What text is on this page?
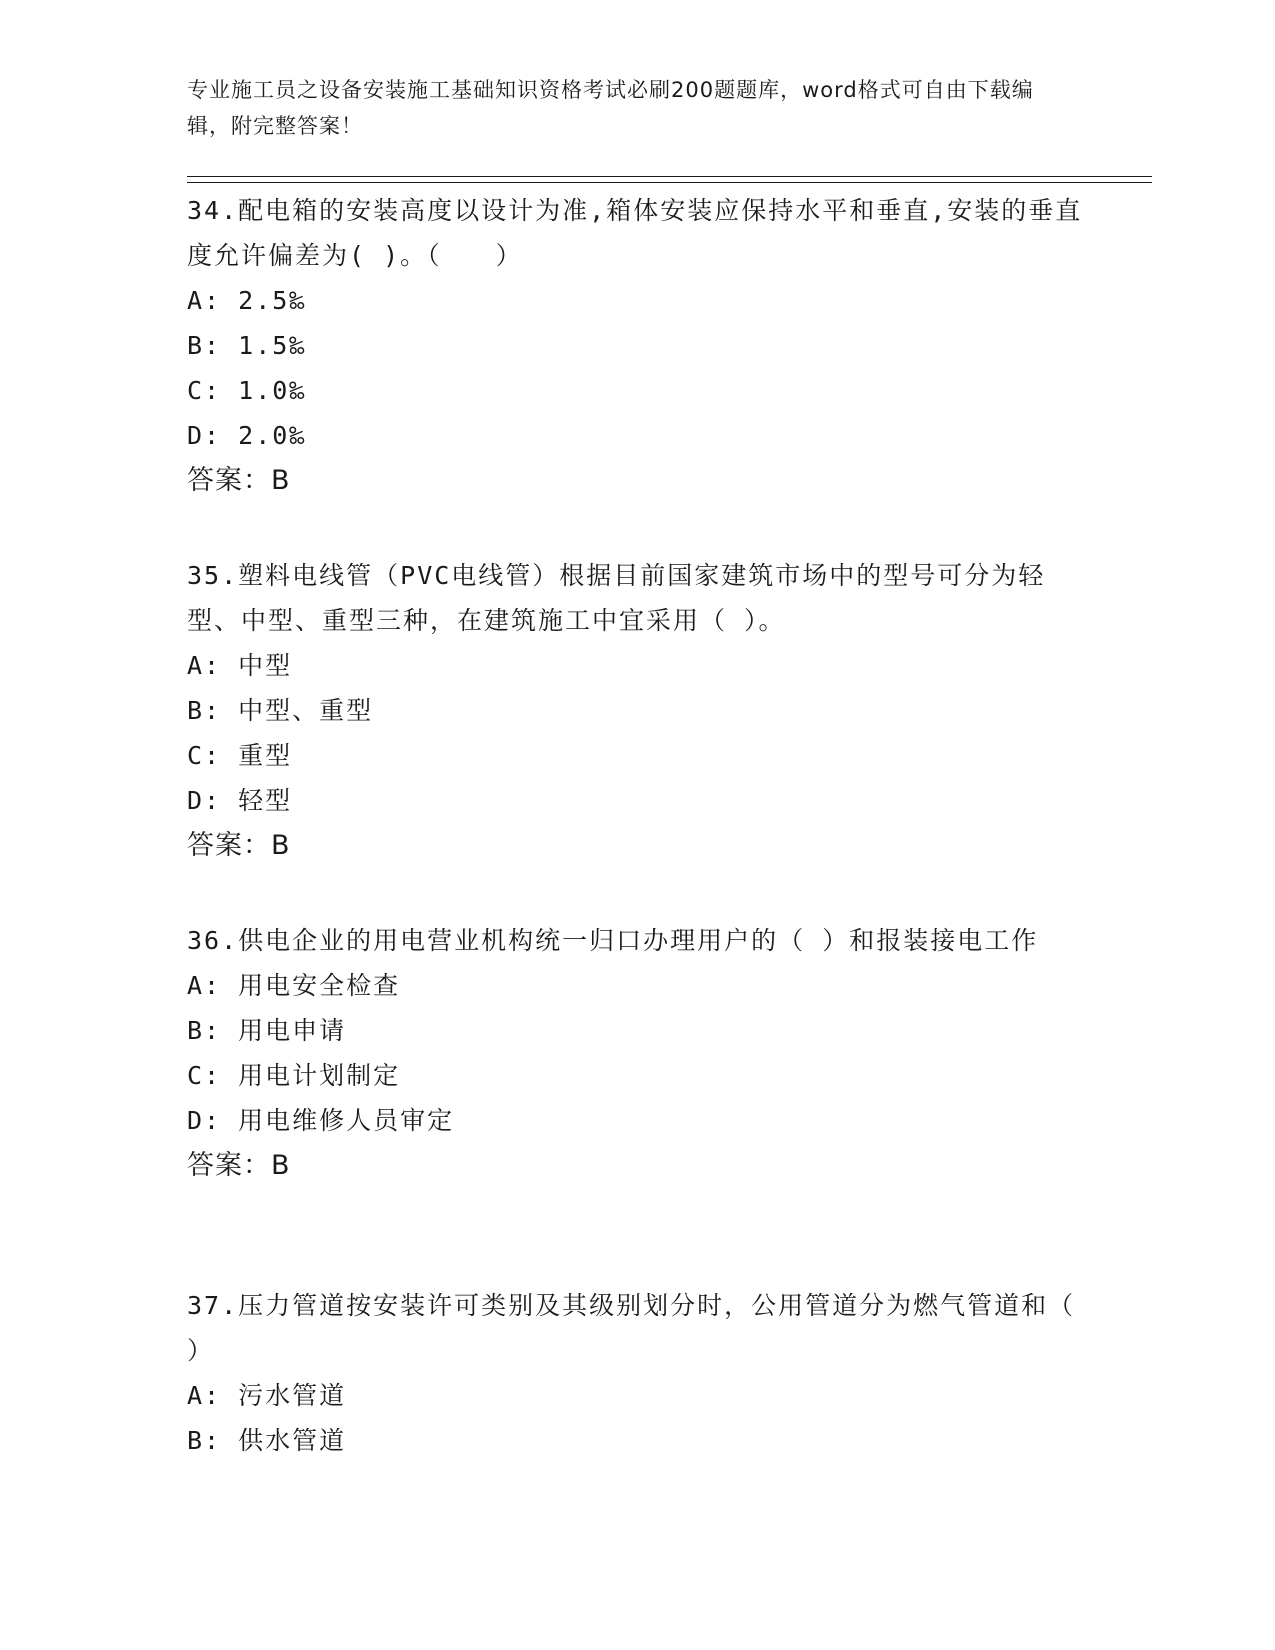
专业施工员之设备安装施工基础知识资格考试必刷200题题库，word格式可自由下载编辑，附完整答案！

34.配电箱的安装高度以设计为准,箱体安装应保持水平和垂直,安装的垂直度允许偏差为( )。（　　）

A: 2.5‰

B: 1.5‰

C: 1.0‰

D: 2.0‰

答案：B

35.塑料电线管（PVC电线管）根据目前国家建筑市场中的型号可分为轻型、中型、重型三种，在建筑施工中宜采用（ ）。

A: 中型

B: 中型、重型

C: 重型

D: 轻型

答案：B

36.供电企业的用电营业机构统一归口办理用户的（ ）和报装接电工作

A: 用电安全检查

B: 用电申请

C: 用电计划制定

D: 用电维修人员审定

答案：B

37.压力管道按安装许可类别及其级别划分时，公用管道分为燃气管道和（ ）

A: 污水管道

B: 供水管道
